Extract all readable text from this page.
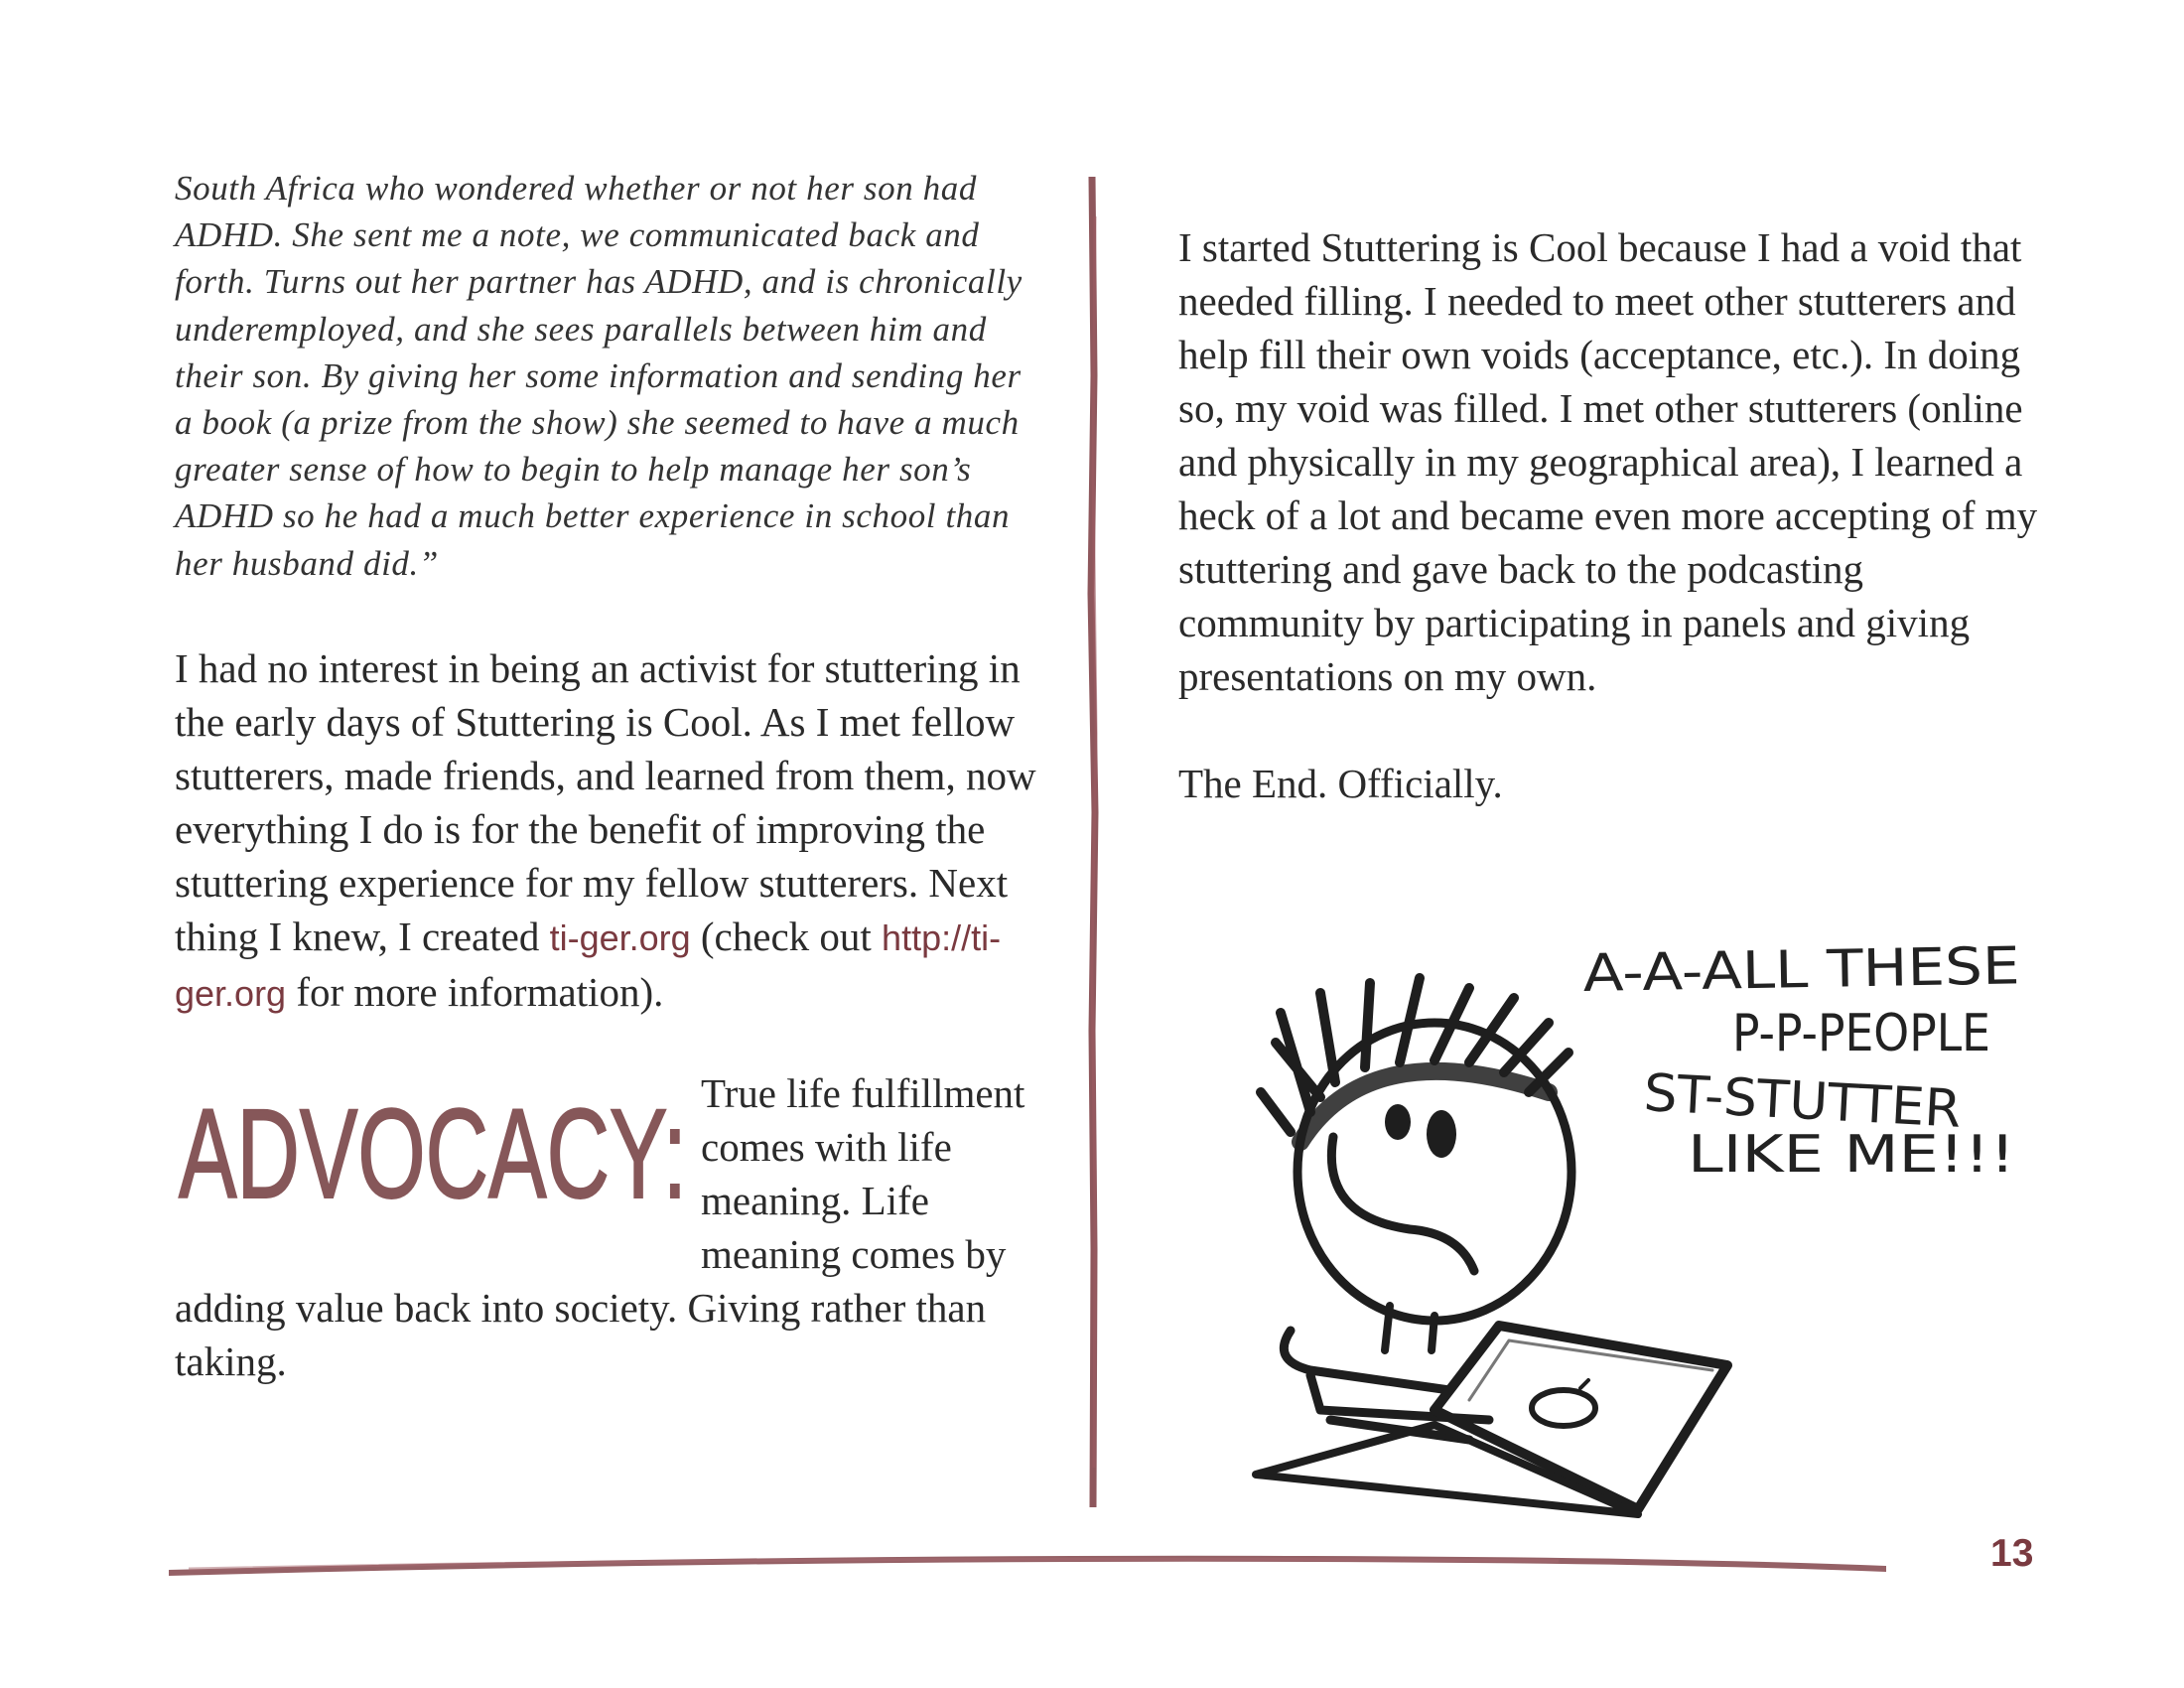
South Africa who wondered whether or not her son had ADHD. She sent me a note, we communicated back and forth. Turns out her partner has ADHD, and is chronically underemployed, and she sees parallels between him and their son. By giving her some information and sending her a book (a prize from the show) she seemed to have a much greater sense of how to begin to help manage her son’s ADHD so he had a much better experience in school than her husband did.”

I had no interest in being an activist for stuttering in the early days of Stuttering is Cool. As I met fellow stutterers, made friends, and learned from them, now everything I do is for the benefit of improving the stuttering experience for my fellow stutterers. Next thing I knew, I created ti-ger.org (check out http://ti-ger.org for more information).

ADVOCACY: True life fulfillment comes with life meaning. Life meaning comes by adding value back into society. Giving rather than taking.

I started Stuttering is Cool because I had a void that needed filling. I needed to meet other stutterers and help fill their own voids (acceptance, etc.). In doing so, my void was filled. I met other stutterers (online and physically in my geographical area), I learned a heck of a lot and became even more accepting of my stuttering and gave back to the podcasting community by participating in panels and giving presentations on my own.

The End. Officially.

A-A-ALL THESE
P-P-PEOPLE
ST-STUTTER
LIKE ME!!!
13
